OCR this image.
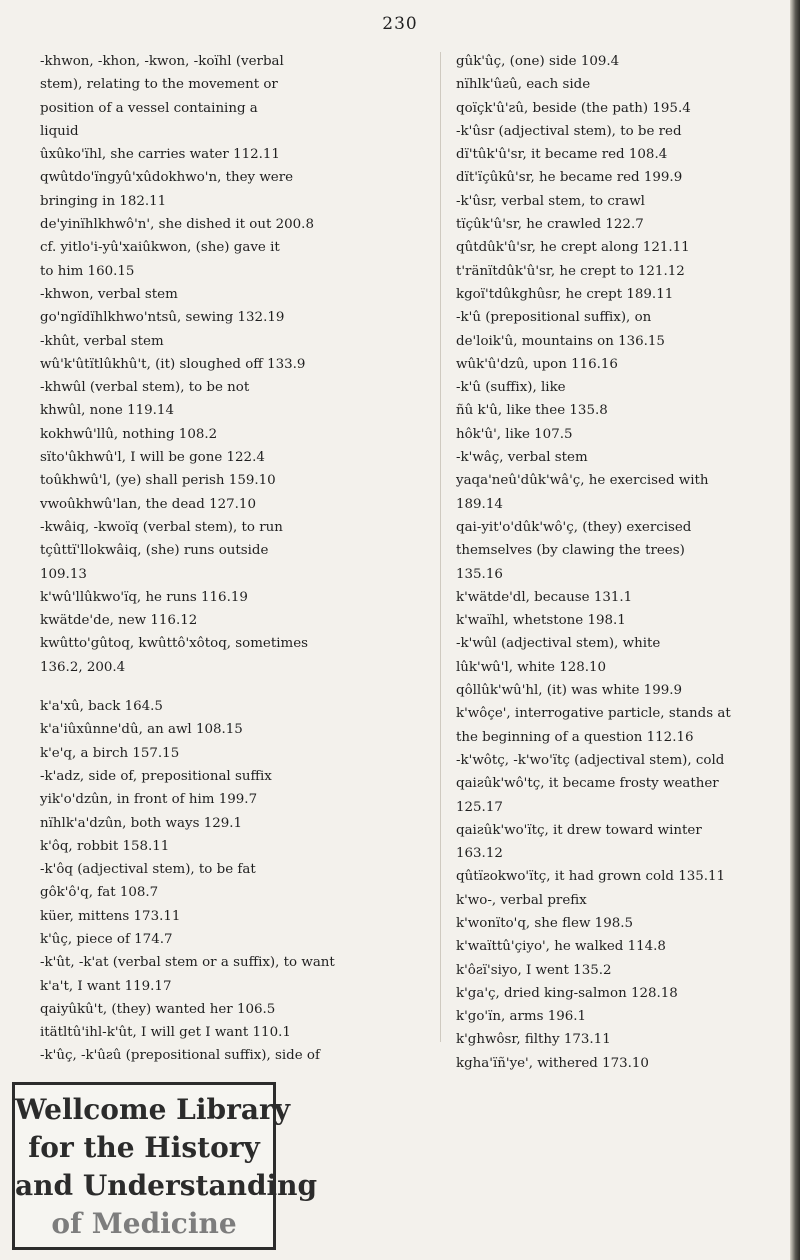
230
-khwon, -khon, -kwon, -koïhl (verbal
stem), relating to the movement or
position of a vessel containing a
liquid
ûxûko'ïhl, she carries water 112.11
qwûtdo'ïngyû'xûdokhwo'n, they were
bringing in 182.11
de'yinïhlkhwô'n', she dished it out 200.8
cf. yitlo'i-yû'xaiûkwon, (she) gave it
to him 160.15
-khwon, verbal stem
go'ngïdïhlkhwo'ntsû, sewing 132.19
-khût, verbal stem
wû'k'ûtïtlûkhû't, (it) sloughed off 133.9
-khwûl (verbal stem), to be not
khwûl, none 119.14
kokhwû'llû, nothing 108.2
sïto'ûkhwû'l, I will be gone 122.4
toûkhwû'l, (ye) shall perish 159.10
vwoûkhwû'lan, the dead 127.10
-kwâiq, -kwoïq (verbal stem), to run
tçûttï'llokwâiq, (she) runs outside
109.13
k'wû'llûkwo'ïq, he runs 116.19
kwätde'de, new 116.12
kwûtto'gûtoq, kwûttô'xôtoq, sometimes
136.2, 200.4
k'a'xû, back 164.5
k'a'iûxûnne'dû, an awl 108.15
k'e'q, a birch 157.15
-k'adz, side of, prepositional suffix
yik'o'dzûn, in front of him 199.7
nïhlk'a'dzûn, both ways 129.1
k'ôq, robbit 158.11
-k'ôq (adjectival stem), to be fat
gôk'ô'q, fat 108.7
küer, mittens 173.11
k'ûç, piece of 174.7
-k'ût, -k'at (verbal stem or a suffix), to want
k'a't, I want 119.17
qaiyûkû't, (they) wanted her 106.5
itätltû'ihl-k'ût, I will get I want 110.1
-k'ûç, -k'ûƨû (prepositional suffix), side of
gûk'ûç, (one) side 109.4
nïhlk'ûƨû, each side
qoïçk'û'ƨû, beside (the path) 195.4
-k'ûsr (adjectival stem), to be red
dï'tûk'û'sr, it became red 108.4
dït'ïçûkû'sr, he became red 199.9
-k'ûsr, verbal stem, to crawl
tïçûk'û'sr, he crawled 122.7
qûtdûk'û'sr, he crept along 121.11
t'ränïtdûk'û'sr, he crept to 121.12
kgoï'tdûkghûsr, he crept 189.11
-k'û (prepositional suffix), on
de'loik'û, mountains on 136.15
wûk'û'dzû, upon 116.16
-k'û (suffix), like
ñû k'û, like thee 135.8
hôk'û', like 107.5
-k'wâç, verbal stem
yaqa'neû'dûk'wâ'ç, he exercised with
189.14
qai-yit'o'dûk'wô'ç, (they) exercised
themselves (by clawing the trees)
135.16
k'wätde'dl, because 131.1
k'waïhl, whetstone 198.1
-k'wûl (adjectival stem), white
lûk'wû'l, white 128.10
qôllûk'wû'hl, (it) was white 199.9
k'wôçe', interrogative particle, stands at
the beginning of a question 112.16
-k'wôtç, -k'wo'ïtç (adjectival stem), cold
qaiƨûk'wô'tç, it became frosty weather
125.17
qaiƨûk'wo'ïtç, it drew toward winter
163.12
qûtïƨokwo'ïtç, it had grown cold 135.11
k'wo-, verbal prefix
k'wonïto'q, she flew 198.5
k'waïttû'çiyo', he walked 114.8
k'ôƨï'siyo, I went 135.2
k'ga'ç, dried king-salmon 128.18
k'go'ïn, arms 196.1
k'ghwôsr, filthy 173.11
kgha'ïñ'ye', withered 173.10
Wellcome Library
for the History
and Understanding
of Medicine
